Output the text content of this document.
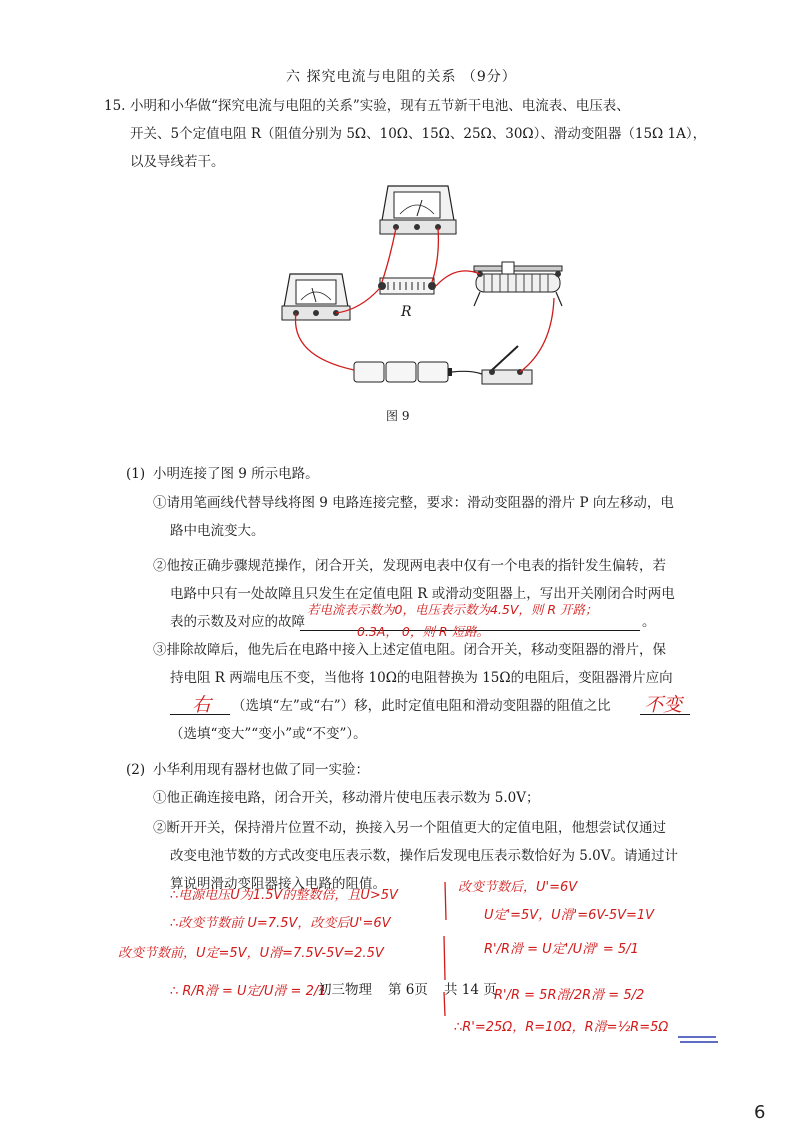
六 探究电流与电阻的关系 （9分）
15. 小明和小华做“探究电流与电阻的关系”实验，现有五节新干电池、电流表、电压表、
开关、5个定值电阻 R（阻值分别为 5Ω、10Ω、15Ω、25Ω、30Ω）、滑动变阻器（15Ω 1A），
以及导线若干。
R
图 9
(1) 小明连接了图 9 所示电路。
①请用笔画线代替导线将图 9 电路连接完整，要求：滑动变阻器的滑片 P 向左移动，电
路中电流变大。
②他按正确步骤规范操作，闭合开关，发现两电表中仅有一个电表的指针发生偏转，若
电路中只有一处故障且只发生在定值电阻 R 或滑动变阻器上，写出开关刚闭合时两电
表的示数及对应的故障	。
若电流表示数为0，电压表示数为4.5V，则 R 开路；
0.3A， 0，则 R 短路。
③排除故障后，他先后在电路中接入上述定值电阻。闭合开关，移动变阻器的滑片，保
持电阻 R 两端电压不变，当他将 10Ω的电阻替换为 15Ω的电阻后，变阻器滑片应向
右 （选填“左”或“右”）移，此时定值电阻和滑动变阻器的阻值之比 不变
（选填“变大”“变小”或“不变”）。
(2) 小华利用现有器材也做了同一实验：
①他正确连接电路，闭合开关，移动滑片使电压表示数为 5.0V；
②断开开关，保持滑片位置不动，换接入另一个阻值更大的定值电阻，他想尝试仅通过
改变电池节数的方式改变电压表示数，操作后发现电压表示数恰好为 5.0V。请通过计
算说明滑动变阻器接入电路的阻值。
∴电源电压U为1.5V的整数倍，且U>5V
∴改变节数前 U=7.5V，改变后U'=6V
改变节数前，U定=5V，U滑=7.5V-5V=2.5V
∴ R/R滑 = U定/U滑 = 2/1
改变节数后，U'=6V
U定'=5V，U滑'=6V-5V=1V
R'/R滑 = U定'/U滑' = 5/1
R'/R = 5R滑/2R滑 = 5/2
∴R'=25Ω，R=10Ω，R滑=½R=5Ω
初三物理 第 6页 共 14 页
6
